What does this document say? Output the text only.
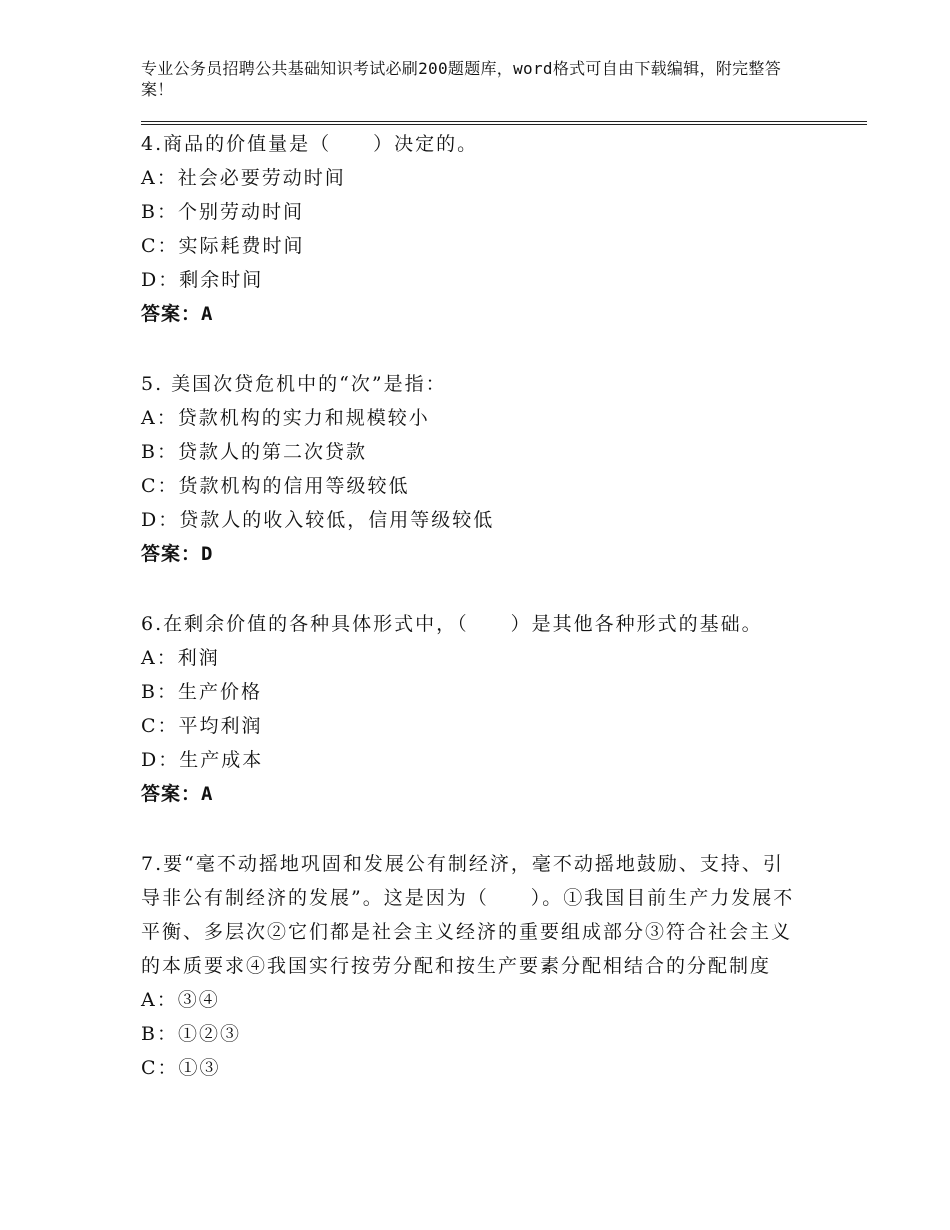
专业公务员招聘公共基础知识考试必刷200题题库，word格式可自由下载编辑，附完整答案！

4.商品的价值量是（　　）决定的。

A：社会必要劳动时间

B：个别劳动时间

C：实际耗费时间

D：剩余时间

答案：A

5. 美国次贷危机中的“次”是指：

A：贷款机构的实力和规模较小

B：贷款人的第二次贷款

C：货款机构的信用等级较低

D：贷款人的收入较低，信用等级较低

答案：D

6.在剩余价值的各种具体形式中，（　　）是其他各种形式的基础。

A：利润

B：生产价格

C：平均利润

D：生产成本

答案：A

7.要“毫不动摇地巩固和发展公有制经济，毫不动摇地鼓励、支持、引导非公有制经济的发展”。这是因为（　　）。①我国目前生产力发展不平衡、多层次②它们都是社会主义经济的重要组成部分③符合社会主义的本质要求④我国实行按劳分配和按生产要素分配相结合的分配制度

A：③④

B：①②③

C：①③
